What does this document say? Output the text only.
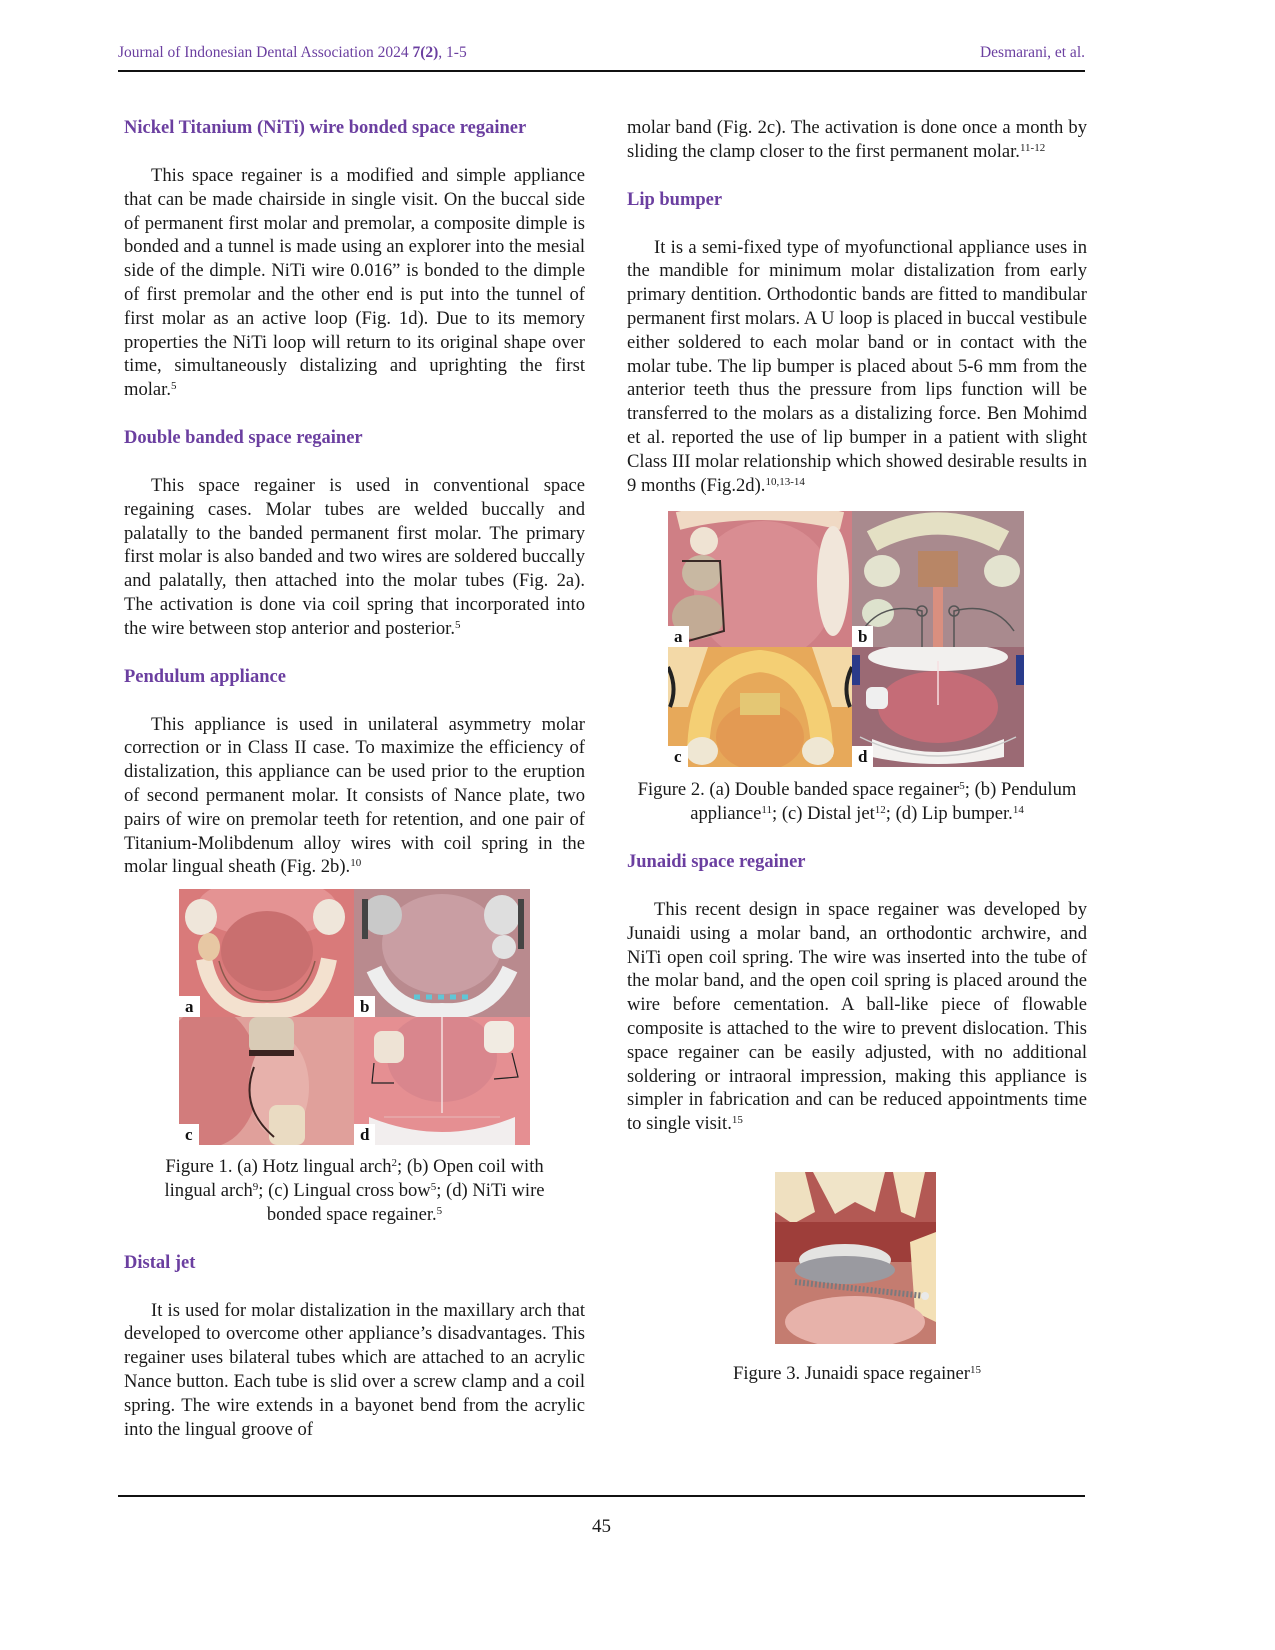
Journal of Indonesian Dental Association 2024 7(2), 1-5	Desmarani, et al.
Nickel Titanium (NiTi) wire bonded space regainer

This space regainer is a modified and simple appliance that can be made chairside in single visit. On the buccal side of permanent first molar and premolar, a composite dimple is bonded and a tunnel is made using an explorer into the mesial side of the dimple. NiTi wire 0.016” is bonded to the dimple of first premolar and the other end is put into the tunnel of first molar as an active loop (Fig. 1d). Due to its memory properties the NiTi loop will return to its original shape over time, simultaneously distalizing and uprighting the first molar.$^5$

Double banded space regainer

This space regainer is used in conventional space regaining cases. Molar tubes are welded buccally and palatally to the banded permanent first molar. The primary first molar is also banded and two wires are soldered buccally and palatally, then attached into the molar tubes (Fig. 2a). The activation is done via coil spring that incorporated into the wire between stop anterior and posterior.$^5$

Pendulum appliance

This appliance is used in unilateral asymmetry molar correction or in Class II case. To maximize the efficiency of distalization, this appliance can be used prior to the eruption of second permanent molar. It consists of Nance plate, two pairs of wire on premolar teeth for retention, and one pair of Titanium-Molibdenum alloy wires with coil spring in the molar lingual sheath (Fig. 2b).$^{10}$

a	b
c	d

Figure 1. (a) Hotz lingual arch$^2$; (b) Open coil with lingual arch$^9$; (c) Lingual cross bow$^5$; (d) NiTi wire bonded space regainer.$^5$

Distal jet

It is used for molar distalization in the maxillary arch that developed to overcome other appliance’s disadvantages. This regainer uses bilateral tubes which are attached to an acrylic Nance button. Each tube is slid over a screw clamp and a coil spring. The wire extends in a bayonet bend from the acrylic into the lingual groove of

molar band (Fig. 2c). The activation is done once a month by sliding the clamp closer to the first permanent molar.$^{11-12}$

Lip bumper

It is a semi-fixed type of myofunctional appliance uses in the mandible for minimum molar distalization from early primary dentition. Orthodontic bands are fitted to mandibular permanent first molars. A U loop is placed in buccal vestibule either soldered to each molar band or in contact with the molar tube. The lip bumper is placed about 5-6 mm from the anterior teeth thus the pressure from lips function will be transferred to the molars as a distalizing force. Ben Mohimd et al. reported the use of lip bumper in a patient with slight Class III molar relationship which showed desirable results in 9 months (Fig.2d).$^{10,13-14}$

a	b
c	d

Figure 2. (a) Double banded space regainer$^5$; (b) Pendulum appliance$^{11}$; (c) Distal jet$^{12}$; (d) Lip bumper.$^{14}$

Junaidi space regainer

This recent design in space regainer was developed by Junaidi using a molar band, an orthodontic archwire, and NiTi open coil spring. The wire was inserted into the tube of the molar band, and the open coil spring is placed around the wire before cementation. A ball-like piece of flowable composite is attached to the wire to prevent dislocation. This space regainer can be easily adjusted, with no additional soldering or intraoral impression, making this appliance is simpler in fabrication and can be reduced appointments time to single visit.$^{15}$

Figure 3. Junaidi space regainer$^{15}$

45
